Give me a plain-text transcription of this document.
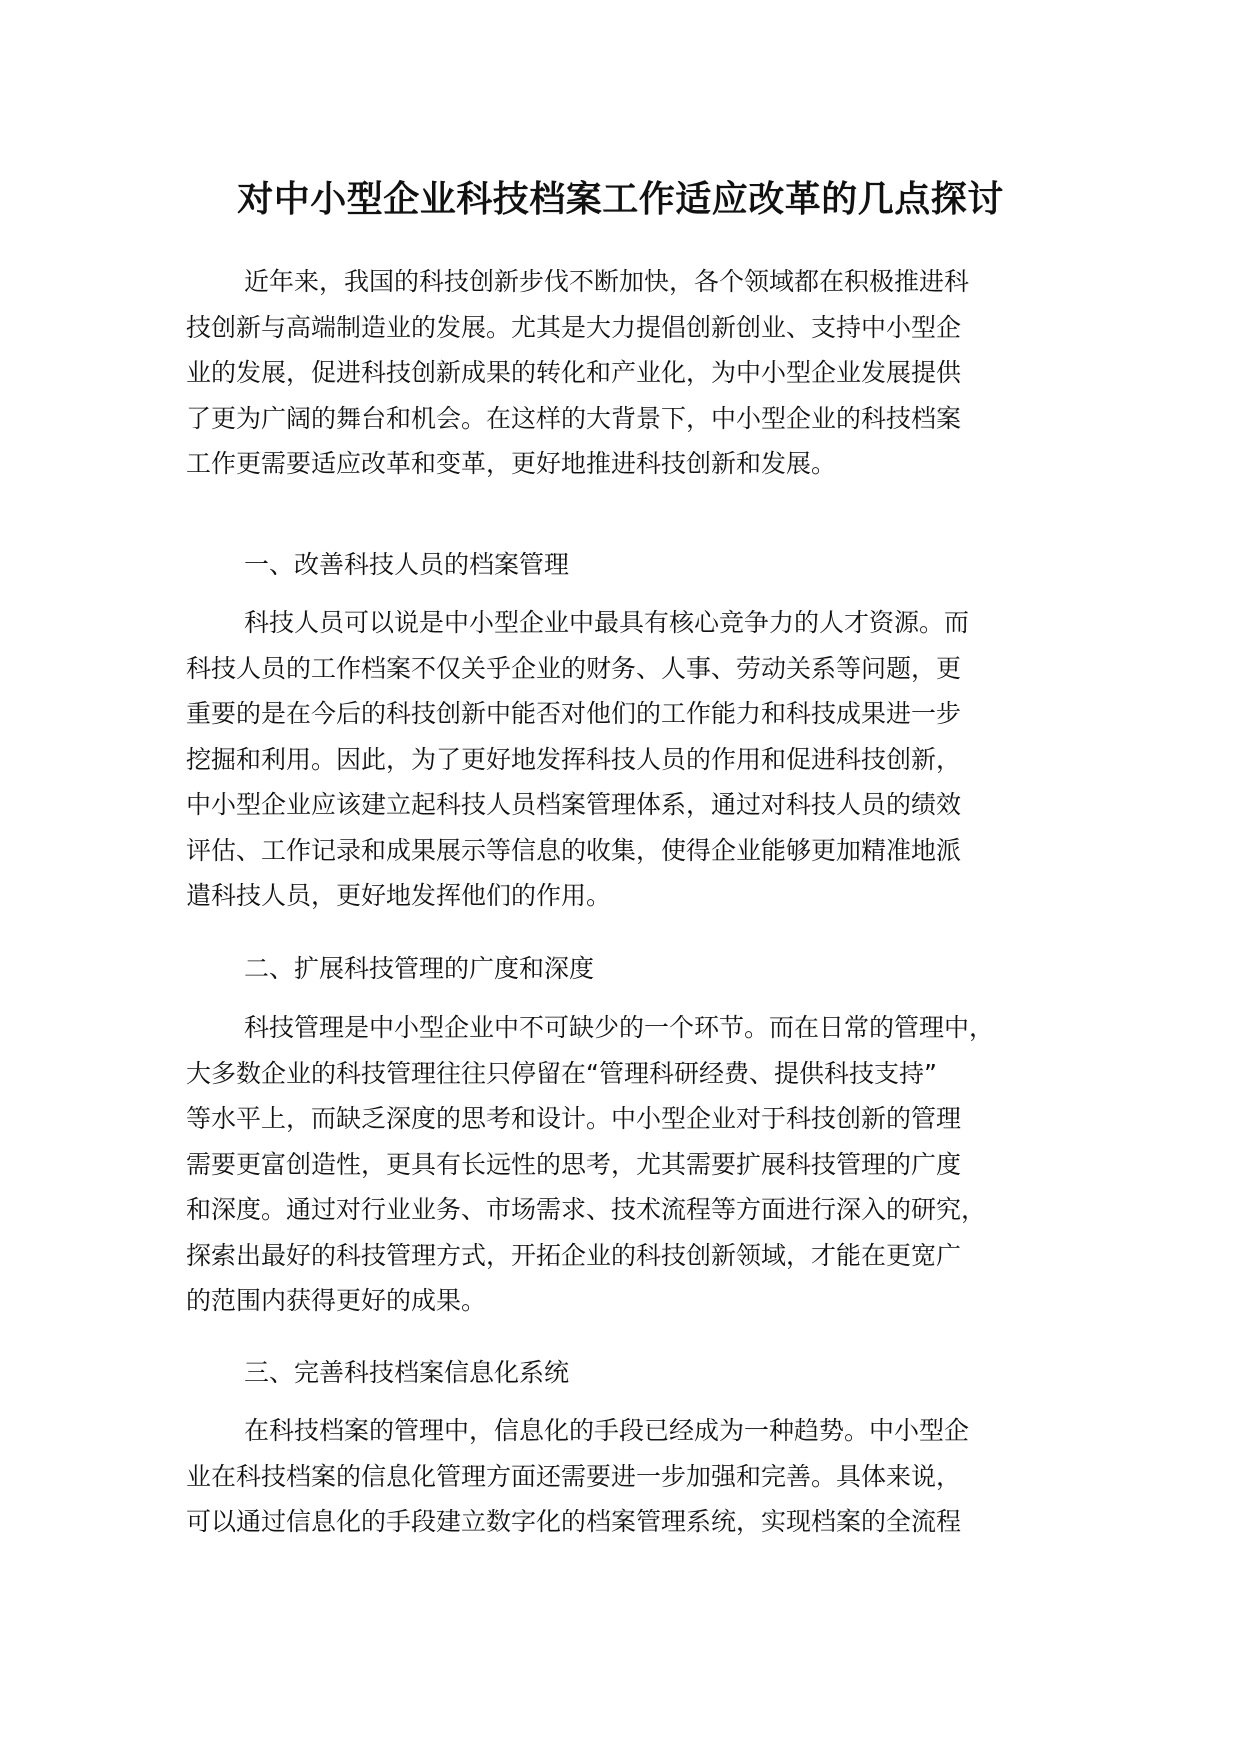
对中小型企业科技档案工作适应改革的几点探讨
近年来，我国的科技创新步伐不断加快，各个领域都在积极推进科
技创新与高端制造业的发展。尤其是大力提倡创新创业、支持中小型企
业的发展，促进科技创新成果的转化和产业化，为中小型企业发展提供
了更为广阔的舞台和机会。在这样的大背景下，中小型企业的科技档案
工作更需要适应改革和变革，更好地推进科技创新和发展。
一、改善科技人员的档案管理
科技人员可以说是中小型企业中最具有核心竞争力的人才资源。而
科技人员的工作档案不仅关乎企业的财务、人事、劳动关系等问题，更
重要的是在今后的科技创新中能否对他们的工作能力和科技成果进一步
挖掘和利用。因此，为了更好地发挥科技人员的作用和促进科技创新，
中小型企业应该建立起科技人员档案管理体系，通过对科技人员的绩效
评估、工作记录和成果展示等信息的收集，使得企业能够更加精准地派
遣科技人员，更好地发挥他们的作用。
二、扩展科技管理的广度和深度
科技管理是中小型企业中不可缺少的一个环节。而在日常的管理中，
大多数企业的科技管理往往只停留在“管理科研经费、提供科技支持”
等水平上，而缺乏深度的思考和设计。中小型企业对于科技创新的管理
需要更富创造性，更具有长远性的思考，尤其需要扩展科技管理的广度
和深度。通过对行业业务、市场需求、技术流程等方面进行深入的研究，
探索出最好的科技管理方式，开拓企业的科技创新领域，才能在更宽广
的范围内获得更好的成果。
三、完善科技档案信息化系统
在科技档案的管理中，信息化的手段已经成为一种趋势。中小型企
业在科技档案的信息化管理方面还需要进一步加强和完善。具体来说，
可以通过信息化的手段建立数字化的档案管理系统，实现档案的全流程
